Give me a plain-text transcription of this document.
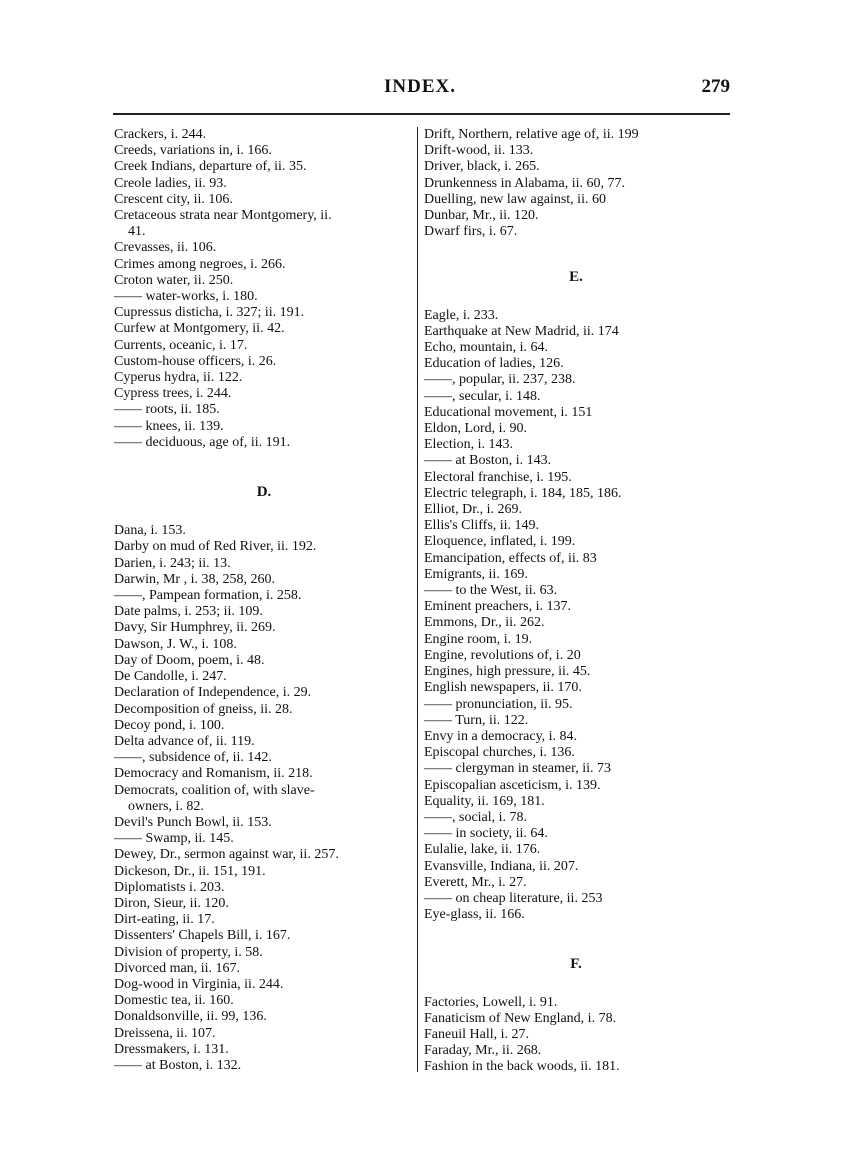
INDEX.	279

Crackers, i. 244.

Creeds, variations in, i. 166.

Creek Indians, departure of, ii. 35.

Creole ladies, ii. 93.

Crescent city, ii. 106.

Cretaceous strata near Montgomery, ii.

41.

Crevasses, ii. 106.

Crimes among negroes, i. 266.

Croton water, ii. 250.

—— water-works, i. 180.

Cupressus disticha, i. 327; ii. 191.

Curfew at Montgomery, ii. 42.

Currents, oceanic, i. 17.

Custom-house officers, i. 26.

Cyperus hydra, ii. 122.

Cypress trees, i. 244.

—— roots, ii. 185.

—— knees, ii. 139.

—— deciduous, age of, ii. 191.

D.

Dana, i. 153.

Darby on mud of Red River, ii. 192.

Darien, i. 243; ii. 13.

Darwin, Mr , i. 38, 258, 260.

——, Pampean formation, i. 258.

Date palms, i. 253; ii. 109.

Davy, Sir Humphrey, ii. 269.

Dawson, J. W., i. 108.

Day of Doom, poem, i. 48.

De Candolle, i. 247.

Declaration of Independence, i. 29.

Decomposition of gneiss, ii. 28.

Decoy pond, i. 100.

Delta advance of, ii. 119.

——, subsidence of, ii. 142.

Democracy and Romanism, ii. 218.

Democrats, coalition of, with slave-

owners, i. 82.

Devil's Punch Bowl, ii. 153.

—— Swamp, ii. 145.

Dewey, Dr., sermon against war, ii. 257.

Dickeson, Dr., ii. 151, 191.

Diplomatists i. 203.

Diron, Sieur, ii. 120.

Dirt-eating, ii. 17.

Dissenters' Chapels Bill, i. 167.

Division of property, i. 58.

Divorced man, ii. 167.

Dog-wood in Virginia, ii. 244.

Domestic tea, ii. 160.

Donaldsonville, ii. 99, 136.

Dreissena, ii. 107.

Dressmakers, i. 131.

—— at Boston, i. 132.

Drift, Northern, relative age of, ii. 199

Drift-wood, ii. 133.

Driver, black, i. 265.

Drunkenness in Alabama, ii. 60, 77.

Duelling, new law against, ii. 60

Dunbar, Mr., ii. 120.

Dwarf firs, i. 67.

E.

Eagle, i. 233.

Earthquake at New Madrid, ii. 174

Echo, mountain, i. 64.

Education of ladies, 126.

——, popular, ii. 237, 238.

——, secular, i. 148.

Educational movement, i. 151

Eldon, Lord, i. 90.

Election, i. 143.

—— at Boston, i. 143.

Electoral franchise, i. 195.

Electric telegraph, i. 184, 185, 186.

Elliot, Dr., i. 269.

Ellis's Cliffs, ii. 149.

Eloquence, inflated, i. 199.

Emancipation, effects of, ii. 83

Emigrants, ii. 169.

—— to the West, ii. 63.

Eminent preachers, i. 137.

Emmons, Dr., ii. 262.

Engine room, i. 19.

Engine, revolutions of, i. 20

Engines, high pressure, ii. 45.

English newspapers, ii. 170.

—— pronunciation, ii. 95.

—— Turn, ii. 122.

Envy in a democracy, i. 84.

Episcopal churches, i. 136.

—— clergyman in steamer, ii. 73

Episcopalian asceticism, i. 139.

Equality, ii. 169, 181.

——, social, i. 78.

—— in society, ii. 64.

Eulalie, lake, ii. 176.

Evansville, Indiana, ii. 207.

Everett, Mr., i. 27.

—— on cheap literature, ii. 253

Eye-glass, ii. 166.

F.

Factories, Lowell, i. 91.

Fanaticism of New England, i. 78.

Faneuil Hall, i. 27.

Faraday, Mr., ii. 268.

Fashion in the back woods, ii. 181.
